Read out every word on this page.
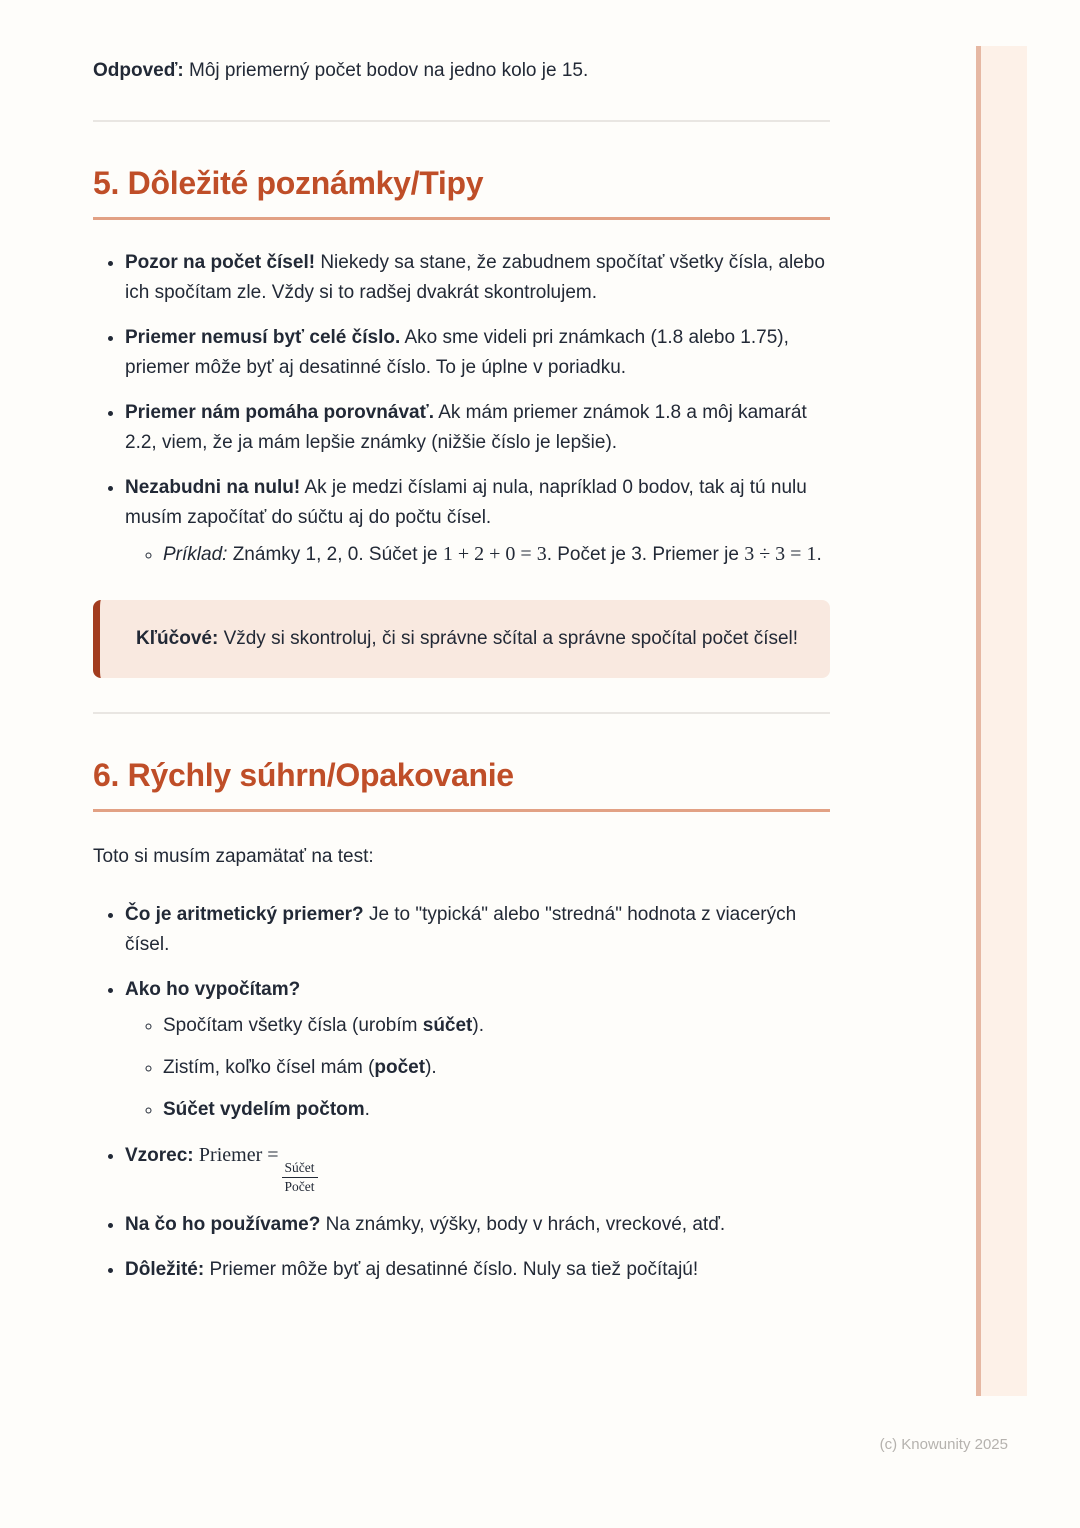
Odpoveď: Môj priemerný počet bodov na jedno kolo je 15.

5. Dôležité poznámky/Tipy
• Pozor na počet čísel! Niekedy sa stane, že zabudnem spočítať všetky čísla, alebo ich spočítam zle. Vždy si to radšej dvakrát skontrolujem.
• Priemer nemusí byť celé číslo. Ako sme videli pri známkach (1.8 alebo 1.75), priemer môže byť aj desatinné číslo. To je úplne v poriadku.
• Priemer nám pomáha porovnávať. Ak mám priemer známok 1.8 a môj kamarát 2.2, viem, že ja mám lepšie známky (nižšie číslo je lepšie).
• Nezabudni na nulu! Ak je medzi číslami aj nula, napríklad 0 bodov, tak aj tú nulu musím započítať do súčtu aj do počtu čísel.
◦ Príklad: Známky 1, 2, 0. Súčet je 1 + 2 + 0 = 3. Počet je 3. Priemer je 3 ÷ 3 = 1.

Kľúčové: Vždy si skontroluj, či si správne sčítal a správne spočítal počet čísel!

6. Rýchly súhrn/Opakovanie

Toto si musím zapamätať na test:

• Čo je aritmetický priemer? Je to "typická" alebo "stredná" hodnota z viacerých čísel.
• Ako ho vypočítam?
◦ Spočítam všetky čísla (urobím súčet).
◦ Zistím, koľko čísel mám (počet).
◦ Súčet vydelím počtom.
• Vzorec: Priemer =
$\frac{\text{Súčet}}{\text{Počet}}$
• Na čo ho používame? Na známky, výšky, body v hrách, vreckové, atď.
• Dôležité: Priemer môže byť aj desatinné číslo. Nuly sa tiež počítajú!

(c) Knowunity 2025
